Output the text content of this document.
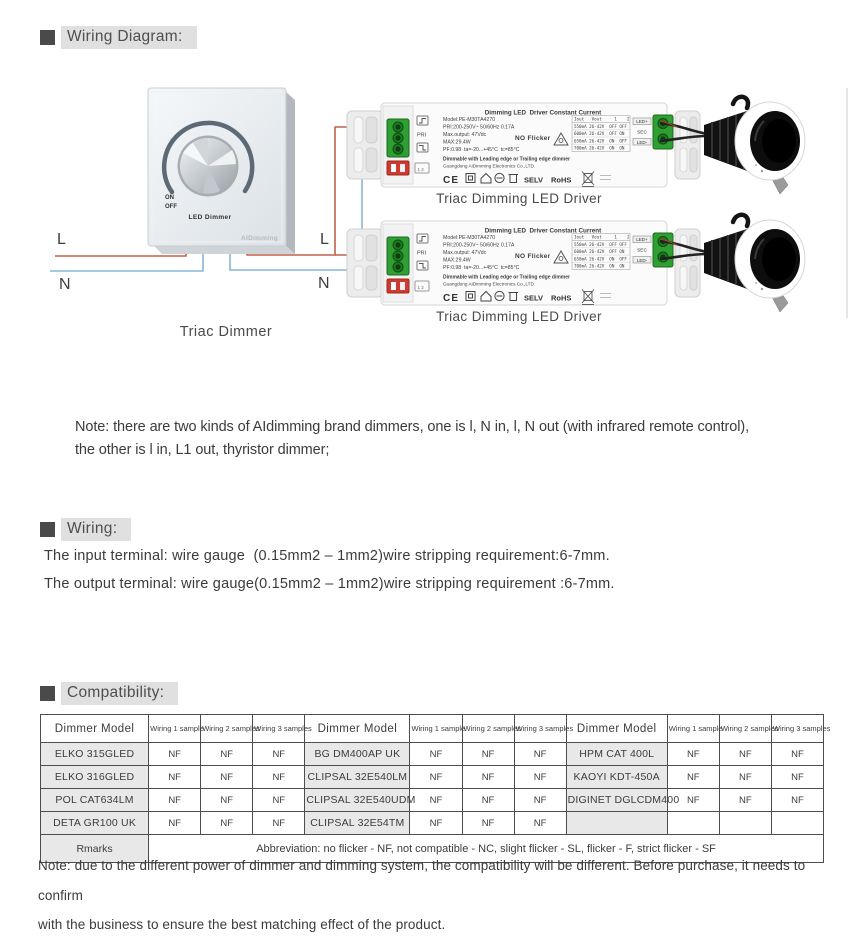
Wiring Diagram:
L
N
L
N
Triac Dimmer
Triac Dimming LED Driver
Triac Dimming LED Driver
ON
OFF
LED Dimmer
AIDimming
PRI
1 2
Dimming LED  Driver Constant Current
Model:PE-M30TA4270
PRI:200-250V~ 50/60Hz 0.17A
Max.output: 47Vdc
MAX:29.4W
PF:0.98  ta=-20...+45°C  tc=85°C
NO Flicker
Iout   Vout     1    2
550mA 26-42V  OFF OFF
600mA 26-42V  OFF ON
650mA 26-42V  ON  OFF
700mA 26-42V  ON  ON
LED+
SEC
LED-
Dimmable with Leading edge or Trailing edge dimmer
Guangdong AiDimming Electronics Co.,LTD.
CE	SELV RoHS
PRI
1 2
Dimming LED  Driver Constant Current
Model:PE-M30TA4270
PRI:200-250V~ 50/60Hz 0.17A
Max.output: 47Vdc
MAX:29.4W
PF:0.98  ta=-20...+45°C  tc=85°C
NO Flicker
Iout   Vout     1    2
550mA 26-42V  OFF OFF
600mA 26-42V  OFF ON
650mA 26-42V  ON  OFF
700mA 26-42V  ON  ON
LED+
SEC
LED-
Dimmable with Leading edge or Trailing edge dimmer
Guangdong AiDimming Electronics Co.,LTD.
CE	SELV RoHS
Note: there are two kinds of AIdimming brand dimmers, one is l, N in, l, N out (with infrared remote control),
the other is l in, L1 out, thyristor dimmer;
Wiring:
The input terminal: wire gauge  (0.15mm2 – 1mm2)wire stripping requirement:6-7mm.
The output terminal: wire gauge(0.15mm2 – 1mm2)wire stripping requirement :6-7mm.
Compatibility:
Dimmer Model	Wiring 1 sample	Wiring 2 samples	Wiring 3 samples	Dimmer Model	Wiring 1 sample	Wiring 2 samples	Wiring 3 samples	Dimmer Model	Wiring 1 sample	Wiring 2 samples	Wiring 3 samples
ELKO 315GLED	NF	NF	NF	BG DM400AP UK	NF	NF	NF	HPM CAT 400L	NF	NF	NF
ELKO 316GLED	NF	NF	NF	CLIPSAL 32E540LM	NF	NF	NF	KAOYI KDT-450A	NF	NF	NF
POL CAT634LM	NF	NF	NF	CLIPSAL 32E540UDM	NF	NF	NF	DIGINET DGLCDM400	NF	NF	NF
DETA GR100 UK	NF	NF	NF	CLIPSAL 32E54TM	NF	NF	NF				
Rmarks	Abbreviation: no flicker - NF, not compatible - NC, slight flicker - SL, flicker - F, strict flicker - SF										
Note: due to the different power of dimmer and dimming system, the compatibility will be different. Before purchase, it needs to confirm
with the business to ensure the best matching effect of the product.
